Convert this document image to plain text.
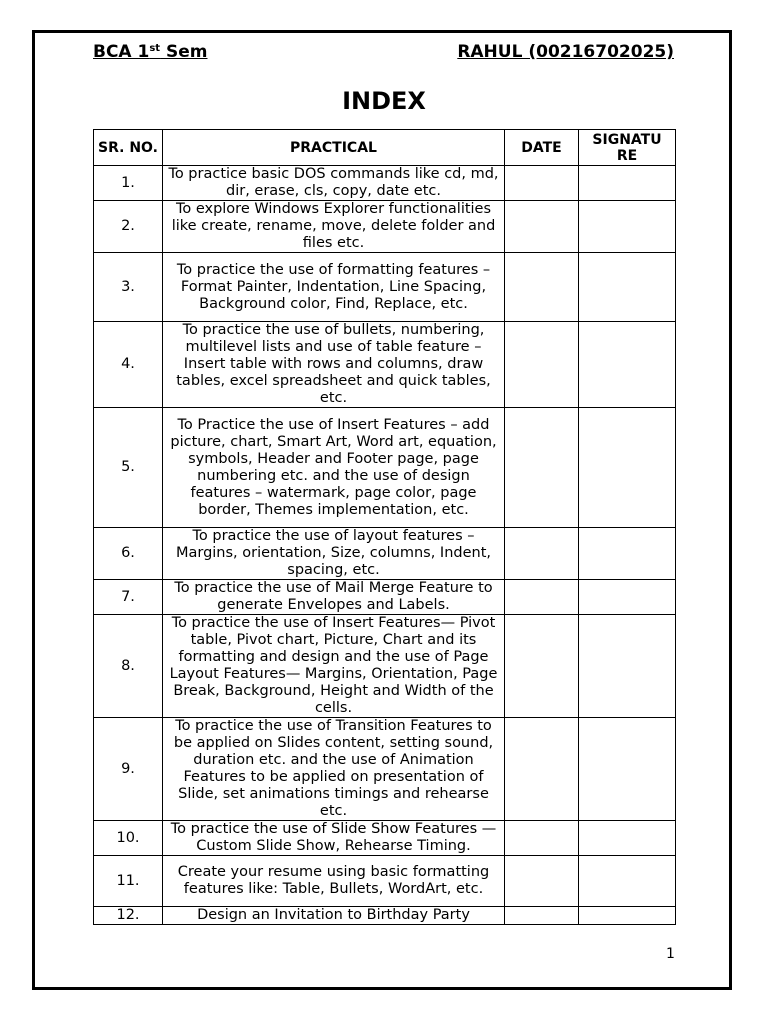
BCA 1st Sem	RAHUL (00216702025)
INDEX
SR. NO.	PRACTICAL	DATE	SIGNATU RE
1.	To practice basic DOS commands like cd, md, dir, erase, cls, copy, date etc.		
2.	To explore Windows Explorer functionalities like create, rename, move, delete folder and files etc.		
3.	To practice the use of formatting features – Format Painter, Indentation, Line Spacing, Background color, Find, Replace, etc.		
4.	To practice the use of bullets, numbering, multilevel lists and use of table feature – Insert table with rows and columns, draw tables, excel spreadsheet and quick tables, etc.		
5.	To Practice the use of Insert Features – add picture, chart, Smart Art, Word art, equation, symbols, Header and Footer page, page numbering etc. and the use of design features – watermark, page color, page border, Themes implementation, etc.		
6.	To practice the use of layout features – Margins, orientation, Size, columns, Indent, spacing, etc.		
7.	To practice the use of Mail Merge Feature to generate Envelopes and Labels.		
8.	To practice the use of Insert Features— Pivot table, Pivot chart, Picture, Chart and its formatting and design and the use of Page Layout Features— Margins, Orientation, Page Break, Background, Height and Width of the cells.		
9.	To practice the use of Transition Features to be applied on Slides content, setting sound, duration etc. and the use of Animation Features to be applied on presentation of Slide, set animations timings and rehearse etc.		
10.	To practice the use of Slide Show Features — Custom Slide Show, Rehearse Timing.		
11.	Create your resume using basic formatting features like: Table, Bullets, WordArt, etc.		
12.	Design an Invitation to Birthday Party		
1
